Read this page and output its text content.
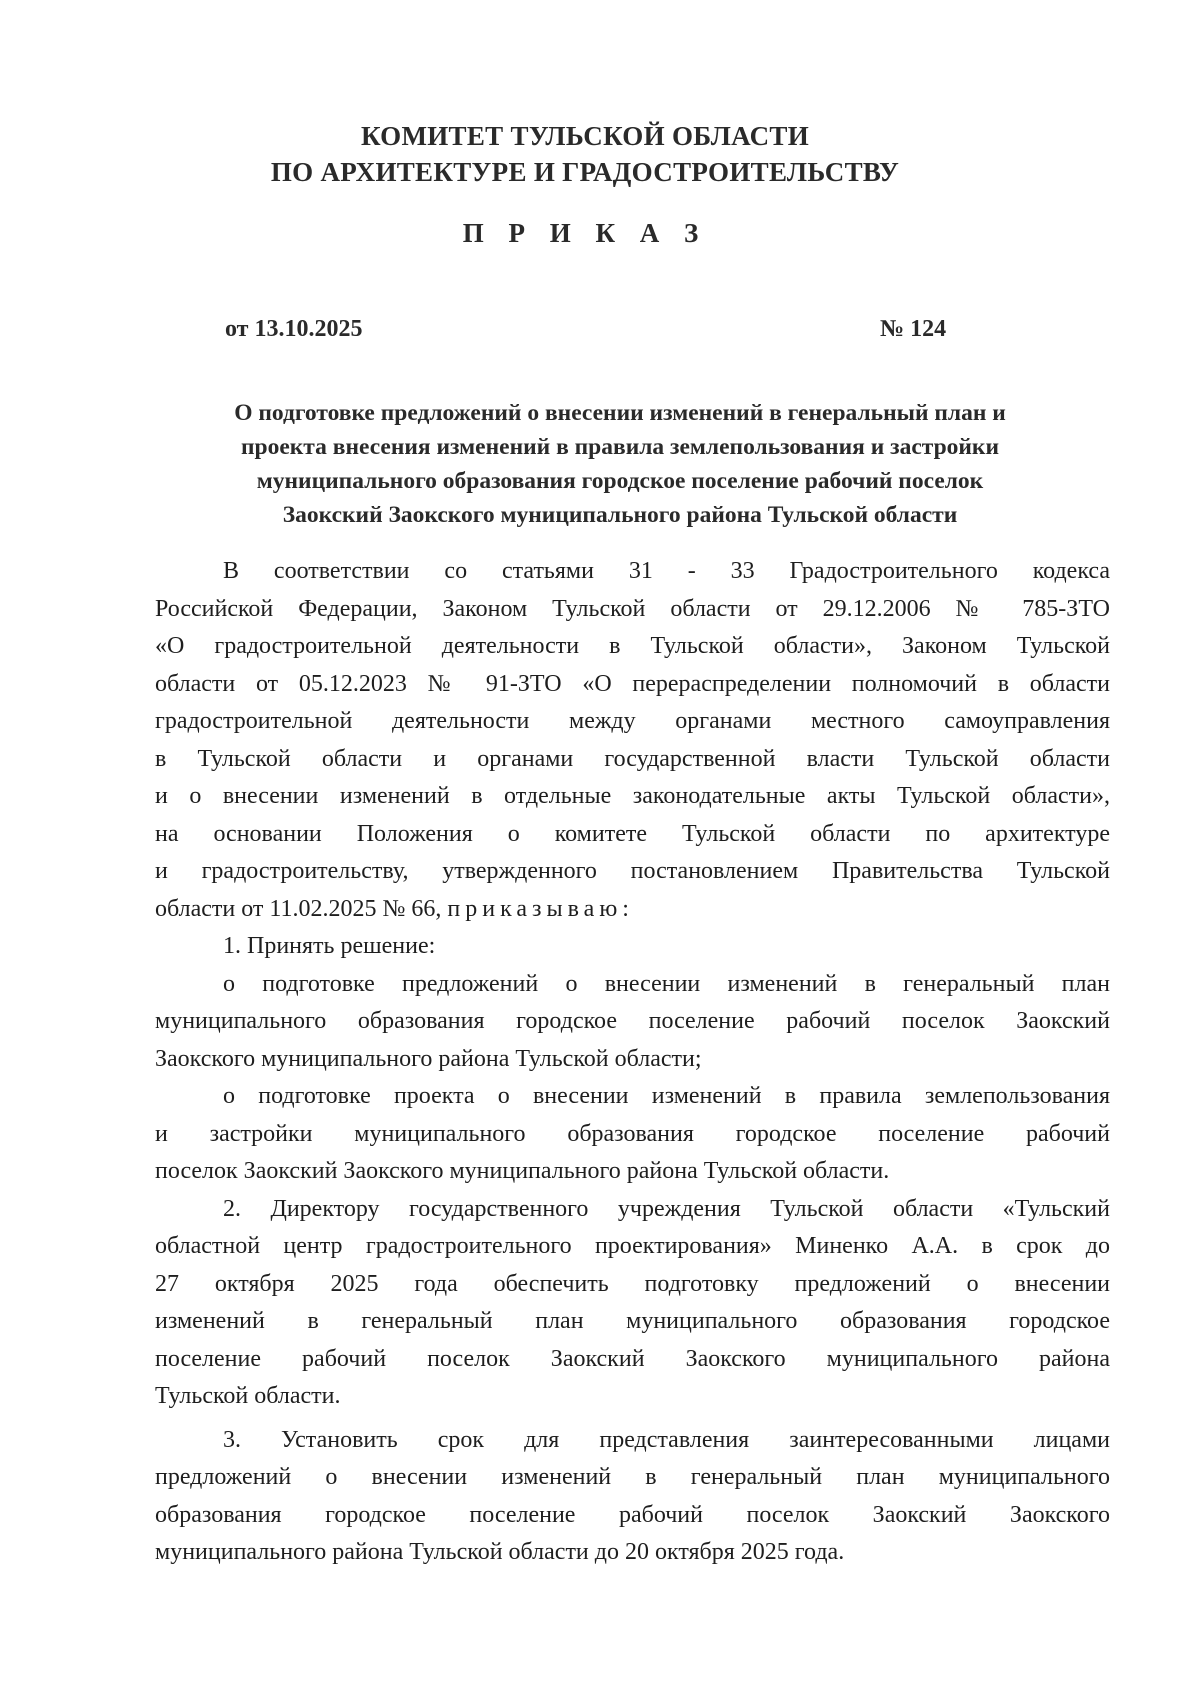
КОМИТЕТ ТУЛЬСКОЙ ОБЛАСТИ
ПО АРХИТЕКТУРЕ И ГРАДОСТРОИТЕЛЬСТВУ
П Р И К А З
от 13.10.2025	№ 124
О подготовке предложений о внесении изменений в генеральный план и
проекта внесения изменений в правила землепользования и застройки
муниципального образования городское поселение рабочий поселок
Заокский Заокского муниципального района Тульской области
В соответствии со статьями 31 - 33 Градостроительного кодекса
Российской Федерации, Законом Тульской области от 29.12.2006 № 785-ЗТО
«О градостроительной деятельности в Тульской области», Законом Тульской
области от 05.12.2023 № 91-ЗТО «О перераспределении полномочий в области
градостроительной деятельности между органами местного самоуправления
в Тульской области и органами государственной власти Тульской области
и о внесении изменений в отдельные законодательные акты Тульской области»,
на основании Положения о комитете Тульской области по архитектуре
и градостроительству, утвержденного постановлением Правительства Тульской
области от 11.02.2025 № 66, приказываю:
1. Принять решение:
о подготовке предложений о внесении изменений в генеральный план
муниципального образования городское поселение рабочий поселок Заокский
Заокского муниципального района Тульской области;
о подготовке проекта о внесении изменений в правила землепользования
и застройки муниципального образования городское поселение рабочий
поселок Заокский Заокского муниципального района Тульской области.
2. Директору государственного учреждения Тульской области «Тульский
областной центр градостроительного проектирования» Миненко А.А. в срок до
27 октября 2025 года обеспечить подготовку предложений о внесении
изменений в генеральный план муниципального образования городское
поселение рабочий поселок Заокский Заокского муниципального района
Тульской области.
3. Установить срок для представления заинтересованными лицами
предложений о внесении изменений в генеральный план муниципального
образования городское поселение рабочий поселок Заокский Заокского
муниципального района Тульской области до 20 октября 2025 года.
